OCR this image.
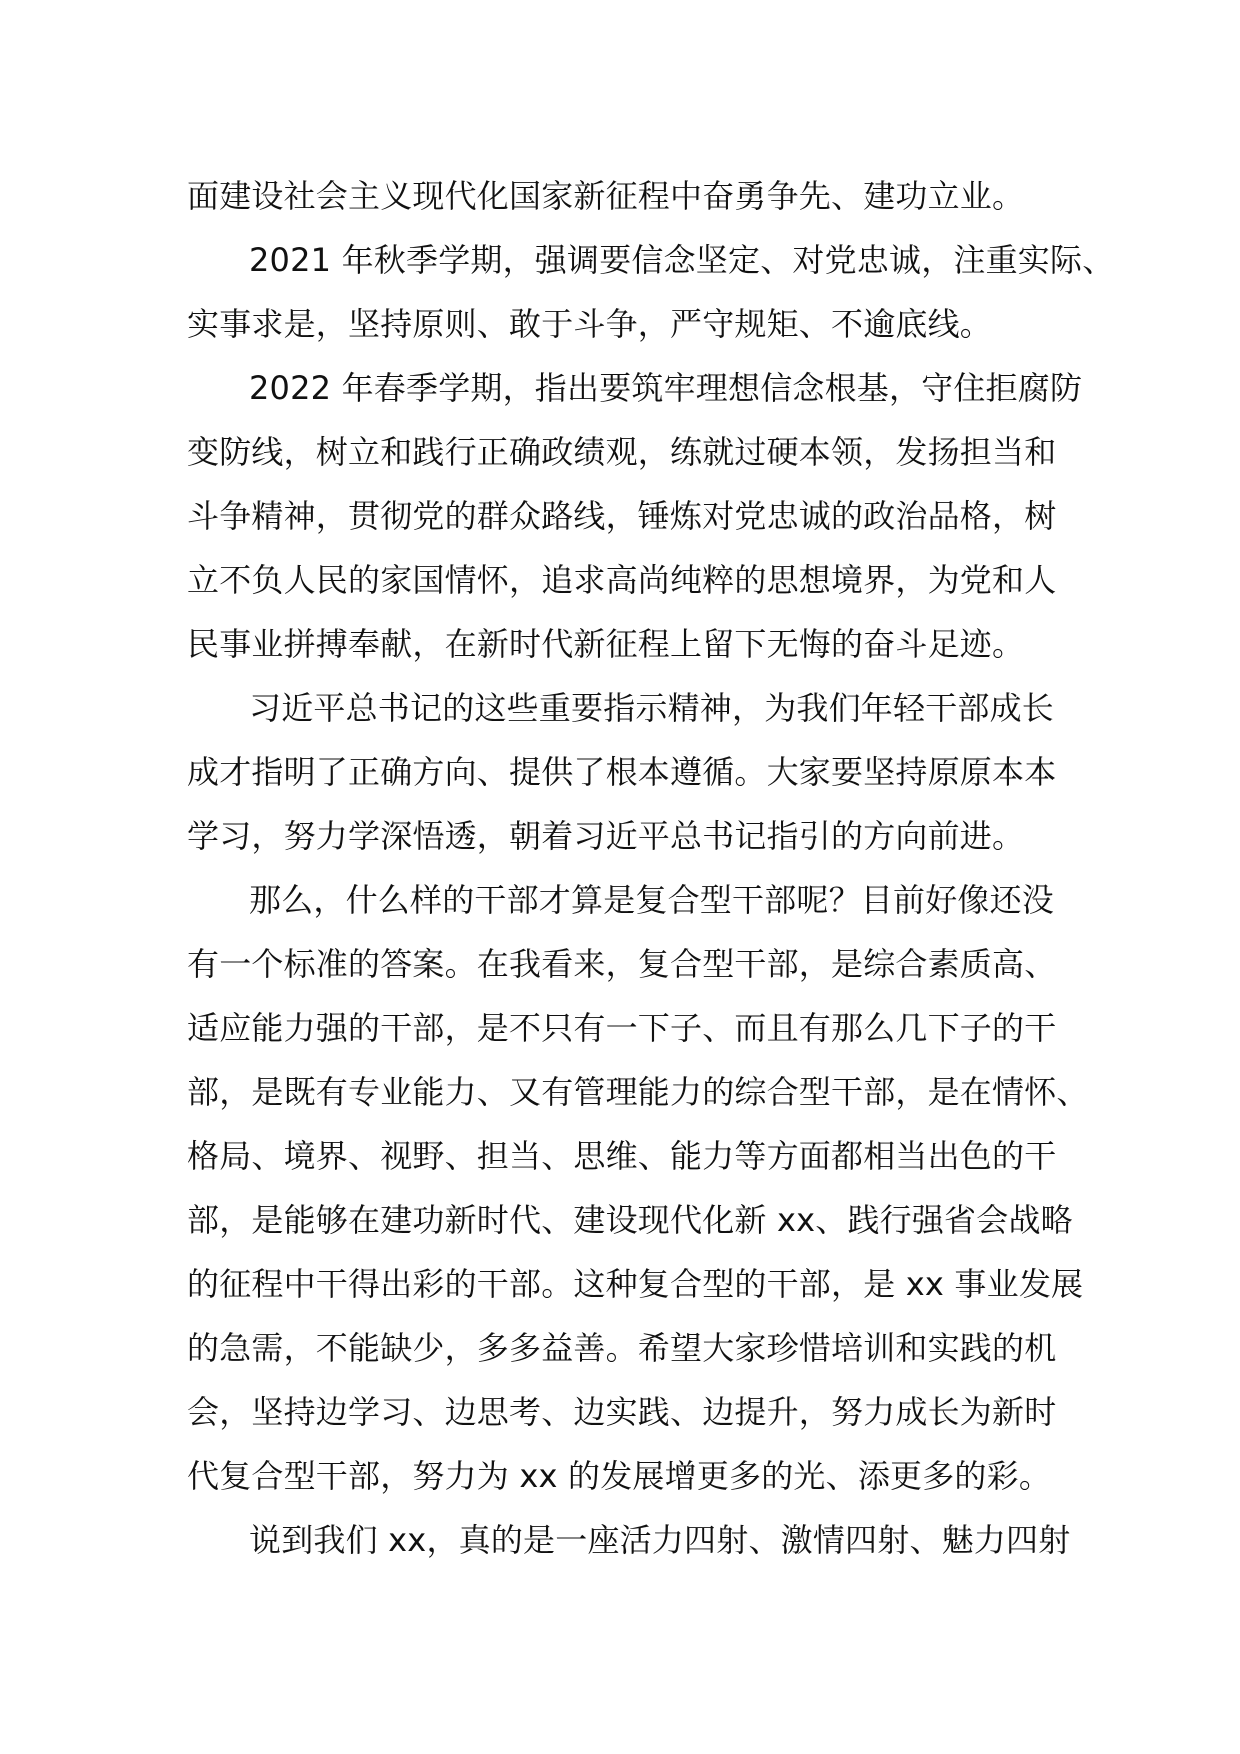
面建设社会主义现代化国家新征程中奋勇争先、建功立业。
2021 年秋季学期，强调要信念坚定、对党忠诚，注重实际、
实事求是，坚持原则、敢于斗争，严守规矩、不逾底线。
2022 年春季学期，指出要筑牢理想信念根基，守住拒腐防
变防线，树立和践行正确政绩观，练就过硬本领，发扬担当和
斗争精神，贯彻党的群众路线，锤炼对党忠诚的政治品格，树
立不负人民的家国情怀，追求高尚纯粹的思想境界，为党和人
民事业拼搏奉献，在新时代新征程上留下无悔的奋斗足迹。
习近平总书记的这些重要指示精神，为我们年轻干部成长
成才指明了正确方向、提供了根本遵循。大家要坚持原原本本
学习，努力学深悟透，朝着习近平总书记指引的方向前进。
那么，什么样的干部才算是复合型干部呢？目前好像还没
有一个标准的答案。在我看来，复合型干部，是综合素质高、
适应能力强的干部，是不只有一下子、而且有那么几下子的干
部，是既有专业能力、又有管理能力的综合型干部，是在情怀、
格局、境界、视野、担当、思维、能力等方面都相当出色的干
部，是能够在建功新时代、建设现代化新 xx、践行强省会战略
的征程中干得出彩的干部。这种复合型的干部，是 xx 事业发展
的急需，不能缺少，多多益善。希望大家珍惜培训和实践的机
会，坚持边学习、边思考、边实践、边提升，努力成长为新时
代复合型干部，努力为 xx 的发展增更多的光、添更多的彩。
说到我们 xx，真的是一座活力四射、激情四射、魅力四射
